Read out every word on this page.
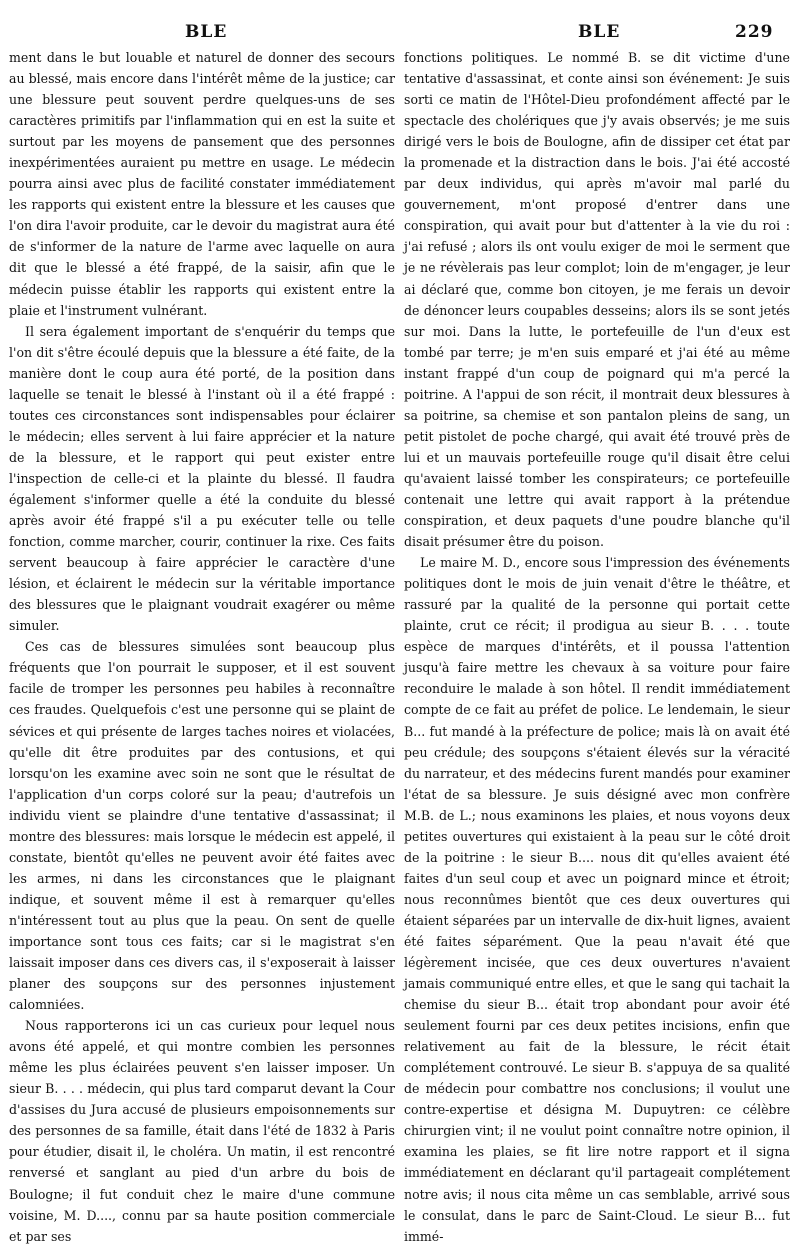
BLE	BLE	229

ment dans le but louable et naturel de donner des secours au blessé, mais encore dans l'intérêt même de la justice; car une blessure peut souvent perdre quelques-uns de ses caractères primitifs par l'inflammation qui en est la suite et surtout par les moyens de pansement que des personnes inexpérimentées auraient pu mettre en usage. Le médecin pourra ainsi avec plus de facilité constater immédiatement les rapports qui existent entre la blessure et les causes que l'on dira l'avoir produite, car le devoir du magistrat aura été de s'informer de la nature de l'arme avec laquelle on aura dit que le blessé a été frappé, de la saisir, afin que le médecin puisse établir les rapports qui existent entre la plaie et l'instrument vulnérant.

Il sera également important de s'enquérir du temps que l'on dit s'être écoulé depuis que la blessure a été faite, de la manière dont le coup aura été porté, de la position dans laquelle se tenait le blessé à l'instant où il a été frappé : toutes ces circonstances sont indispensables pour éclairer le médecin; elles servent à lui faire apprécier et la nature de la blessure, et le rapport qui peut exister entre l'inspection de celle-ci et la plainte du blessé. Il faudra également s'informer quelle a été la conduite du blessé après avoir été frappé s'il a pu exécuter telle ou telle fonction, comme marcher, courir, continuer la rixe. Ces faits servent beaucoup à faire apprécier le caractère d'une lésion, et éclairent le médecin sur la véritable importance des blessures que le plaignant voudrait exagérer ou même simuler.

Ces cas de blessures simulées sont beaucoup plus fréquents que l'on pourrait le supposer, et il est souvent facile de tromper les personnes peu habiles à reconnaître ces fraudes. Quelquefois c'est une personne qui se plaint de sévices et qui présente de larges taches noires et violacées, qu'elle dit être produites par des contusions, et qui lorsqu'on les examine avec soin ne sont que le résultat de l'application d'un corps coloré sur la peau; d'autrefois un individu vient se plaindre d'une tentative d'assassinat; il montre des blessures: mais lorsque le médecin est appelé, il constate, bientôt qu'elles ne peuvent avoir été faites avec les armes, ni dans les circonstances que le plaignant indique, et souvent même il est à remarquer qu'elles n'intéressent tout au plus que la peau. On sent de quelle importance sont tous ces faits; car si le magistrat s'en laissait imposer dans ces divers cas, il s'exposerait à laisser planer des soupçons sur des personnes injustement calomniées.

Nous rapporterons ici un cas curieux pour lequel nous avons été appelé, et qui montre combien les personnes même les plus éclairées peuvent s'en laisser imposer. Un sieur B. . . . médecin, qui plus tard comparut devant la Cour d'assises du Jura accusé de plusieurs empoisonnements sur des personnes de sa famille, était dans l'été de 1832 à Paris pour étudier, disait il, le choléra. Un matin, il est rencontré renversé et sanglant au pied d'un arbre du bois de Boulogne; il fut conduit chez le maire d'une commune voisine, M. D...., connu par sa haute position commerciale et par ses

fonctions politiques. Le nommé B. se dit victime d'une tentative d'assassinat, et conte ainsi son événement: Je suis sorti ce matin de l'Hôtel-Dieu profondément affecté par le spectacle des cholériques que j'y avais observés; je me suis dirigé vers le bois de Boulogne, afin de dissiper cet état par la promenade et la distraction dans le bois. J'ai été accosté par deux individus, qui après m'avoir mal parlé du gouvernement, m'ont proposé d'entrer dans une conspiration, qui avait pour but d'attenter à la vie du roi : j'ai refusé ; alors ils ont voulu exiger de moi le serment que je ne révèlerais pas leur complot; loin de m'engager, je leur ai déclaré que, comme bon citoyen, je me ferais un devoir de dénoncer leurs coupables desseins; alors ils se sont jetés sur moi. Dans la lutte, le portefeuille de l'un d'eux est tombé par terre; je m'en suis emparé et j'ai été au même instant frappé d'un coup de poignard qui m'a percé la poitrine. A l'appui de son récit, il montrait deux blessures à sa poitrine, sa chemise et son pantalon pleins de sang, un petit pistolet de poche chargé, qui avait été trouvé près de lui et un mauvais portefeuille rouge qu'il disait être celui qu'avaient laissé tomber les conspirateurs; ce portefeuille contenait une lettre qui avait rapport à la prétendue conspiration, et deux paquets d'une poudre blanche qu'il disait présumer être du poison.

Le maire M. D., encore sous l'impression des événements politiques dont le mois de juin venait d'être le théâtre, et rassuré par la qualité de la personne qui portait cette plainte, crut ce récit; il prodigua au sieur B. . . . toute espèce de marques d'intérêts, et il poussa l'attention jusqu'à faire mettre les chevaux à sa voiture pour faire reconduire le malade à son hôtel. Il rendit immédiatement compte de ce fait au préfet de police. Le lendemain, le sieur B... fut mandé à la préfecture de police; mais là on avait été peu crédule; des soupçons s'étaient élevés sur la véracité du narrateur, et des médecins furent mandés pour examiner l'état de sa blessure. Je suis désigné avec mon confrère M.B. de L.; nous examinons les plaies, et nous voyons deux petites ouvertures qui existaient à la peau sur le côté droit de la poitrine : le sieur B.... nous dit qu'elles avaient été faites d'un seul coup et avec un poignard mince et étroit; nous reconnûmes bientôt que ces deux ouvertures qui étaient séparées par un intervalle de dix-huit lignes, avaient été faites séparément. Que la peau n'avait été que légèrement incisée, que ces deux ouvertures n'avaient jamais communiqué entre elles, et que le sang qui tachait la chemise du sieur B... était trop abondant pour avoir été seulement fourni par ces deux petites incisions, enfin que relativement au fait de la blessure, le récit était complétement controuvé. Le sieur B. s'appuya de sa qualité de médecin pour combattre nos conclusions; il voulut une contre-expertise et désigna M. Dupuytren: ce célèbre chirurgien vint; il ne voulut point connaître notre opinion, il examina les plaies, se fit lire notre rapport et il signa immédiatement en déclarant qu'il partageait complétement notre avis; il nous cita même un cas semblable, arrivé sous le consulat, dans le parc de Saint-Cloud. Le sieur B... fut immé-
